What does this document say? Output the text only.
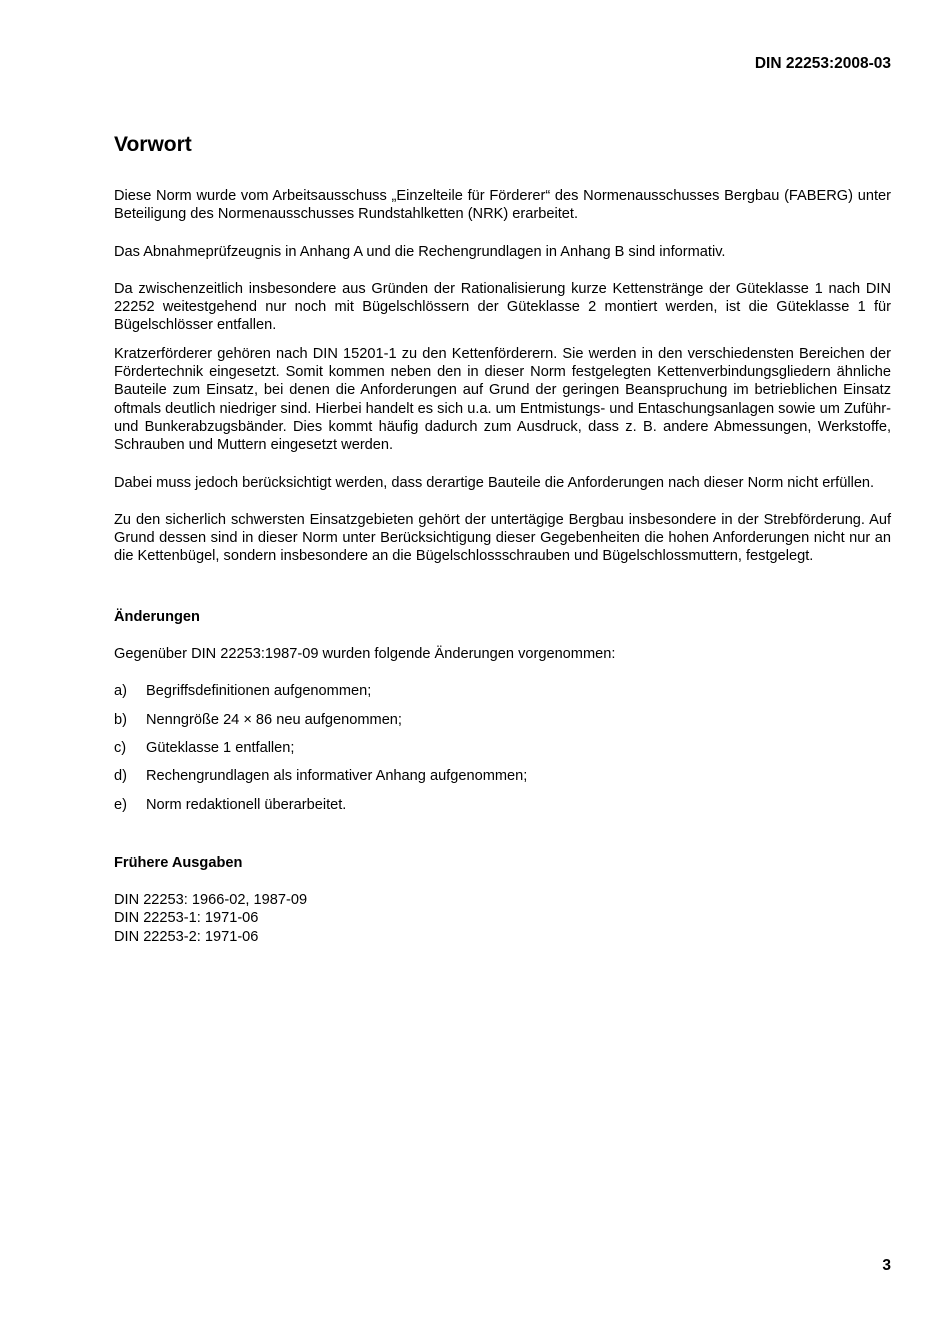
DIN 22253:2008-03
Vorwort

Diese Norm wurde vom Arbeitsausschuss „Einzelteile für Förderer“ des Normenausschusses Bergbau (FABERG) unter Beteiligung des Normenausschusses Rundstahlketten (NRK) erarbeitet.

Das Abnahmeprüfzeugnis in Anhang A und die Rechengrundlagen in Anhang B sind informativ.

Da zwischenzeitlich insbesondere aus Gründen der Rationalisierung kurze Kettenstränge der Güteklasse 1 nach DIN 22252 weitestgehend nur noch mit Bügelschlössern der Güteklasse 2 montiert werden, ist die Güteklasse 1 für Bügelschlösser entfallen.

Kratzerförderer gehören nach DIN 15201-1 zu den Kettenförderern. Sie werden in den verschiedensten Bereichen der Fördertechnik eingesetzt. Somit kommen neben den in dieser Norm festgelegten Kettenverbindungsgliedern ähnliche Bauteile zum Einsatz, bei denen die Anforderungen auf Grund der geringen Beanspruchung im betrieblichen Einsatz oftmals deutlich niedriger sind. Hierbei handelt es sich u.a. um Entmistungs- und Entaschungsanlagen sowie um Zuführ- und Bunkerabzugsbänder. Dies kommt häufig dadurch zum Ausdruck, dass z. B. andere Abmessungen, Werkstoffe, Schrauben und Muttern eingesetzt werden.

Dabei muss jedoch berücksichtigt werden, dass derartige Bauteile die Anforderungen nach dieser Norm nicht erfüllen.

Zu den sicherlich schwersten Einsatzgebieten gehört der untertägige Bergbau insbesondere in der Strebförderung. Auf Grund dessen sind in dieser Norm unter Berücksichtigung dieser Gegebenheiten die hohen Anforderungen nicht nur an die Kettenbügel, sondern insbesondere an die Bügelschlossschrauben und Bügelschlossmuttern, festgelegt.

Änderungen

Gegenüber DIN 22253:1987-09 wurden folgende Änderungen vorgenommen:

a)	Begriffsdefinitionen aufgenommen;
b)	Nenngröße 24 × 86 neu aufgenommen;
c)	Güteklasse 1 entfallen;
d)	Rechengrundlagen als informativer Anhang aufgenommen;
e)	Norm redaktionell überarbeitet.
Frühere Ausgaben
DIN 22253: 1966-02, 1987-09
DIN 22253-1: 1971-06
DIN 22253-2: 1971-06
3
